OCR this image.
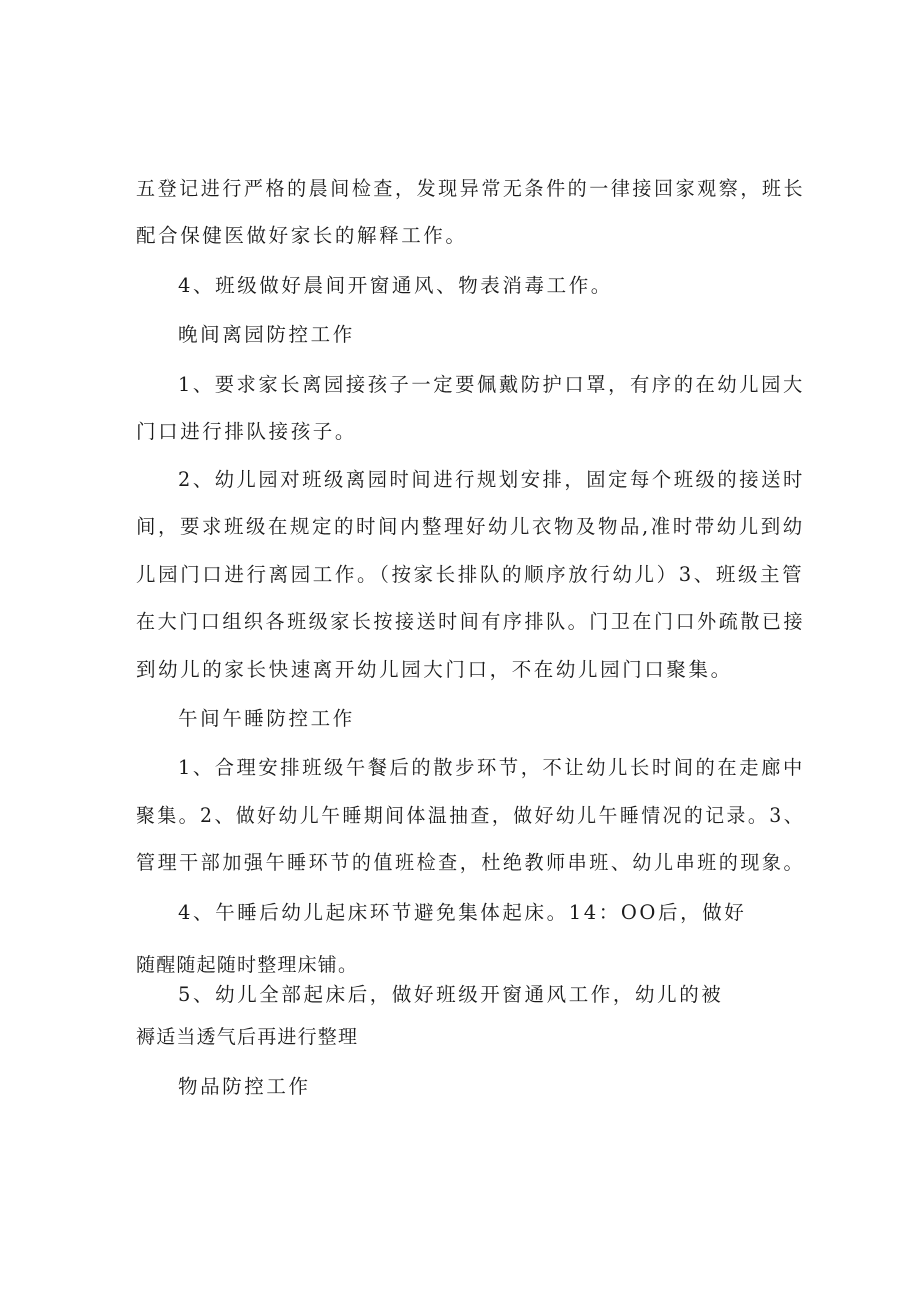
五登记进行严格的晨间检查，发现异常无条件的一律接回家观察，班长
配合保健医做好家长的解释工作。
4、班级做好晨间开窗通风、物表消毒工作。
晚间离园防控工作
1、要求家长离园接孩子一定要佩戴防护口罩，有序的在幼儿园大
门口进行排队接孩子。
2、幼儿园对班级离园时间进行规划安排，固定每个班级的接送时
间，要求班级在规定的时间内整理好幼儿衣物及物品,准时带幼儿到幼
儿园门口进行离园工作。（按家长排队的顺序放行幼儿）3、班级主管
在大门口组织各班级家长按接送时间有序排队。门卫在门口外疏散已接
到幼儿的家长快速离开幼儿园大门口，不在幼儿园门口聚集。
午间午睡防控工作
1、合理安排班级午餐后的散步环节，不让幼儿长时间的在走廊中
聚集。2、做好幼儿午睡期间体温抽查，做好幼儿午睡情况的记录。3、
管理干部加强午睡环节的值班检查，杜绝教师串班、幼儿串班的现象。
4、午睡后幼儿起床环节避免集体起床。14：OO后，做好
随醒随起随时整理床铺。
5、幼儿全部起床后，做好班级开窗通风工作，幼儿的被
褥适当透气后再进行整理
物品防控工作
